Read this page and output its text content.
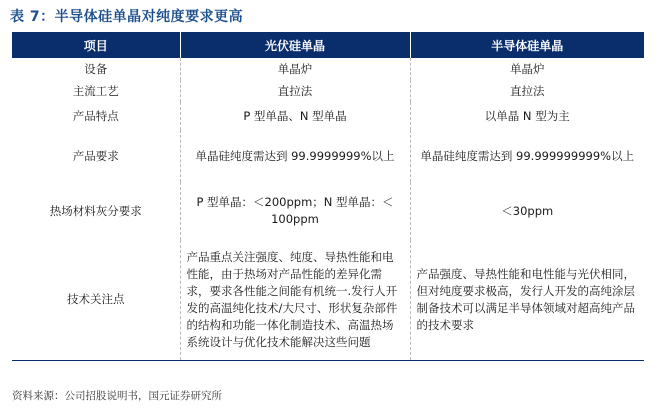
表 7：半导体硅单晶对纯度要求更高
项目	光伏硅单晶	半导体硅单晶
设备	单晶炉	单晶炉
主流工艺	直拉法	直拉法
产品特点	P 型单晶、N 型单晶	以单晶 N 型为主
产品要求	单晶硅纯度需达到 99.9999999%以上	单晶硅纯度需达到 99.999999999%以上
热场材料灰分要求	P 型单晶：＜200ppm；N 型单晶：＜100ppm	＜30ppm
技术关注点	产品重点关注强度、纯度、导热性能和电性能，由于热场对产品性能的差异化需求，要求各性能之间能有机统一.发行人开发的高温纯化技术/大尺寸、形状复杂部件的结构和功能一体化制造技术、高温热场系统设计与优化技术能解决这些问题	产品强度、导热性能和电性能与光伏相同，但对纯度要求极高，发行人开发的高纯涂层制备技术可以满足半导体领域对超高纯产品的技术要求
资料来源：公司招股说明书，国元证券研究所
